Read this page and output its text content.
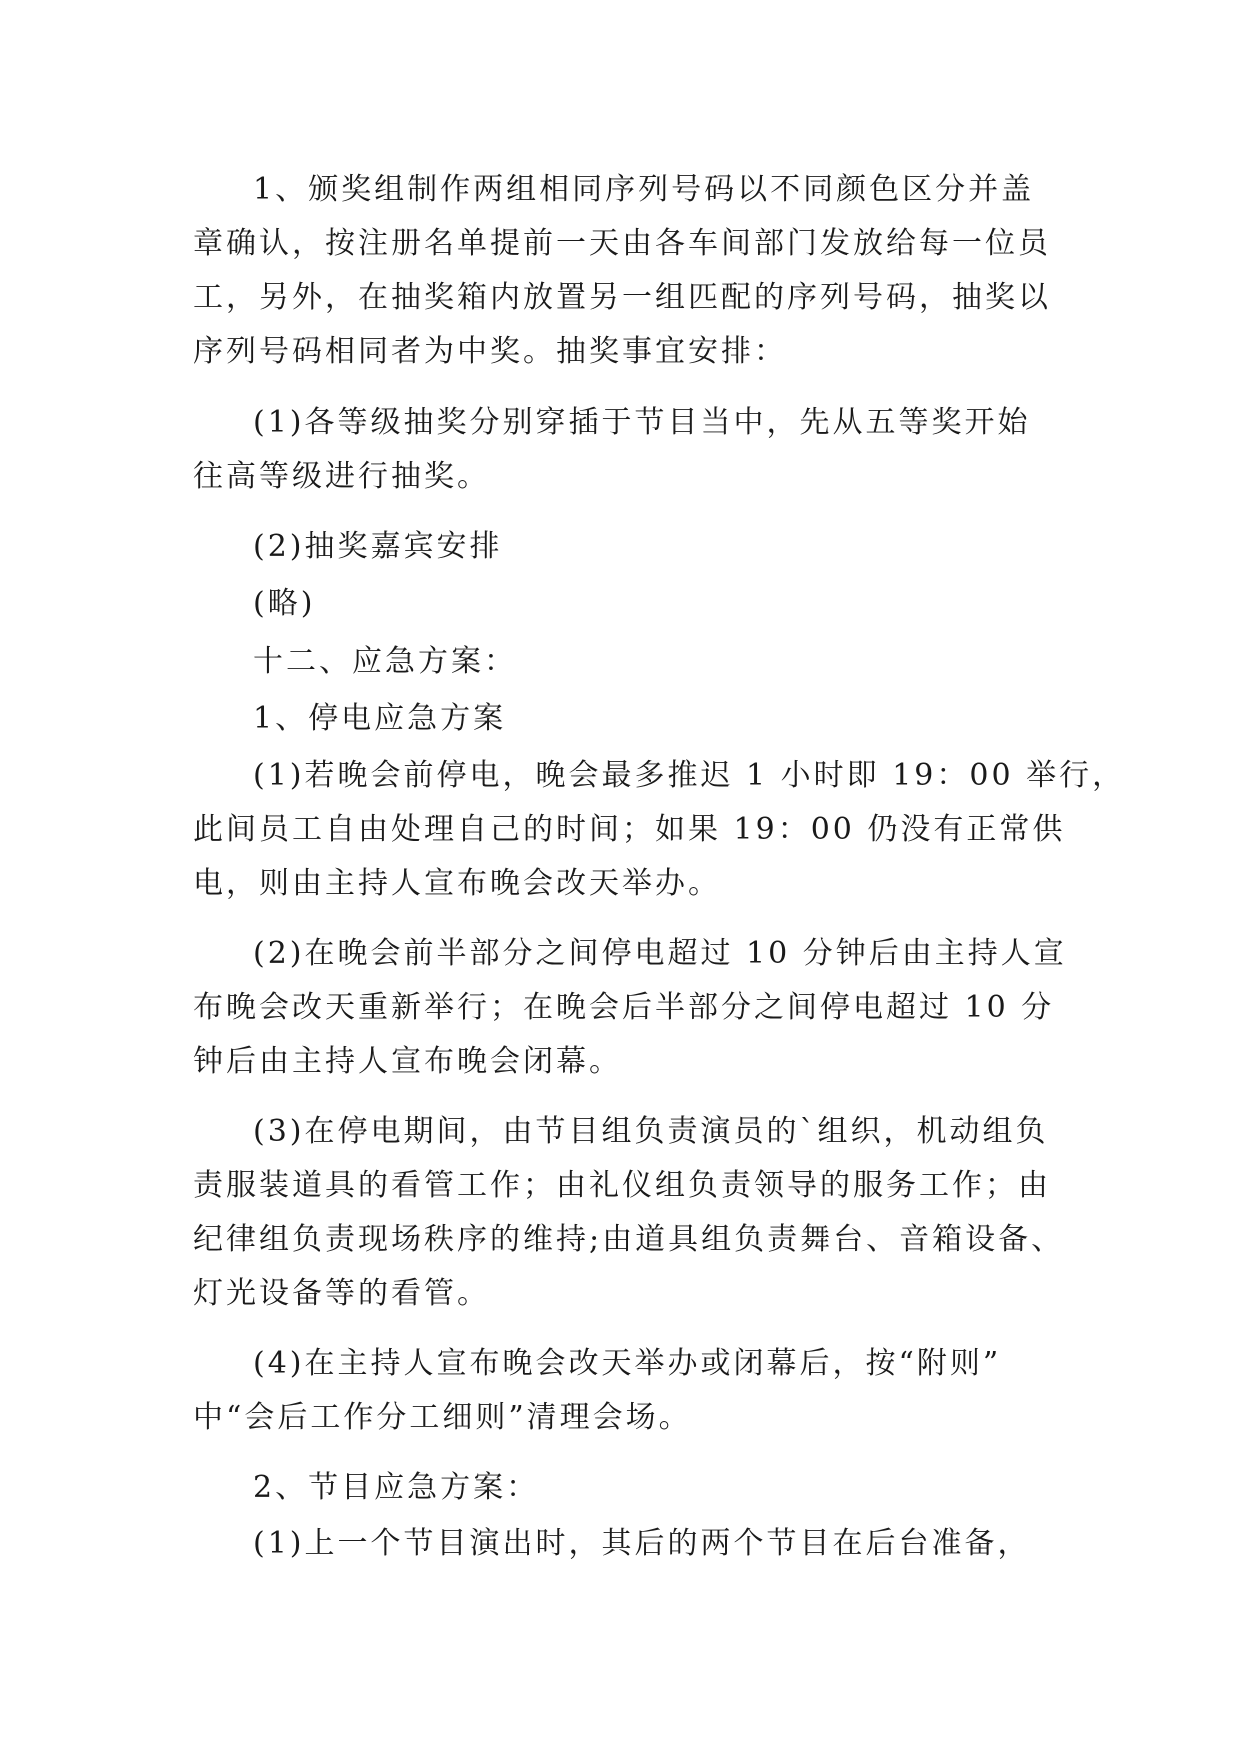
1、颁奖组制作两组相同序列号码以不同颜色区分并盖
章确认，按注册名单提前一天由各车间部门发放给每一位员
工，另外，在抽奖箱内放置另一组匹配的序列号码，抽奖以
序列号码相同者为中奖。抽奖事宜安排：
(1)各等级抽奖分别穿插于节目当中，先从五等奖开始
往高等级进行抽奖。
(2)抽奖嘉宾安排
(略)
十二、应急方案：
1、停电应急方案
(1)若晚会前停电，晚会最多推迟 1 小时即 19：00 举行，
此间员工自由处理自己的时间；如果 19：00 仍没有正常供
电，则由主持人宣布晚会改天举办。
(2)在晚会前半部分之间停电超过 10 分钟后由主持人宣
布晚会改天重新举行；在晚会后半部分之间停电超过 10 分
钟后由主持人宣布晚会闭幕。
(3)在停电期间，由节目组负责演员的`组织，机动组负
责服装道具的看管工作；由礼仪组负责领导的服务工作；由
纪律组负责现场秩序的维持;由道具组负责舞台、音箱设备、
灯光设备等的看管。
(4)在主持人宣布晚会改天举办或闭幕后，按“附则”
中“会后工作分工细则”清理会场。
2、节目应急方案：
(1)上一个节目演出时，其后的两个节目在后台准备，
